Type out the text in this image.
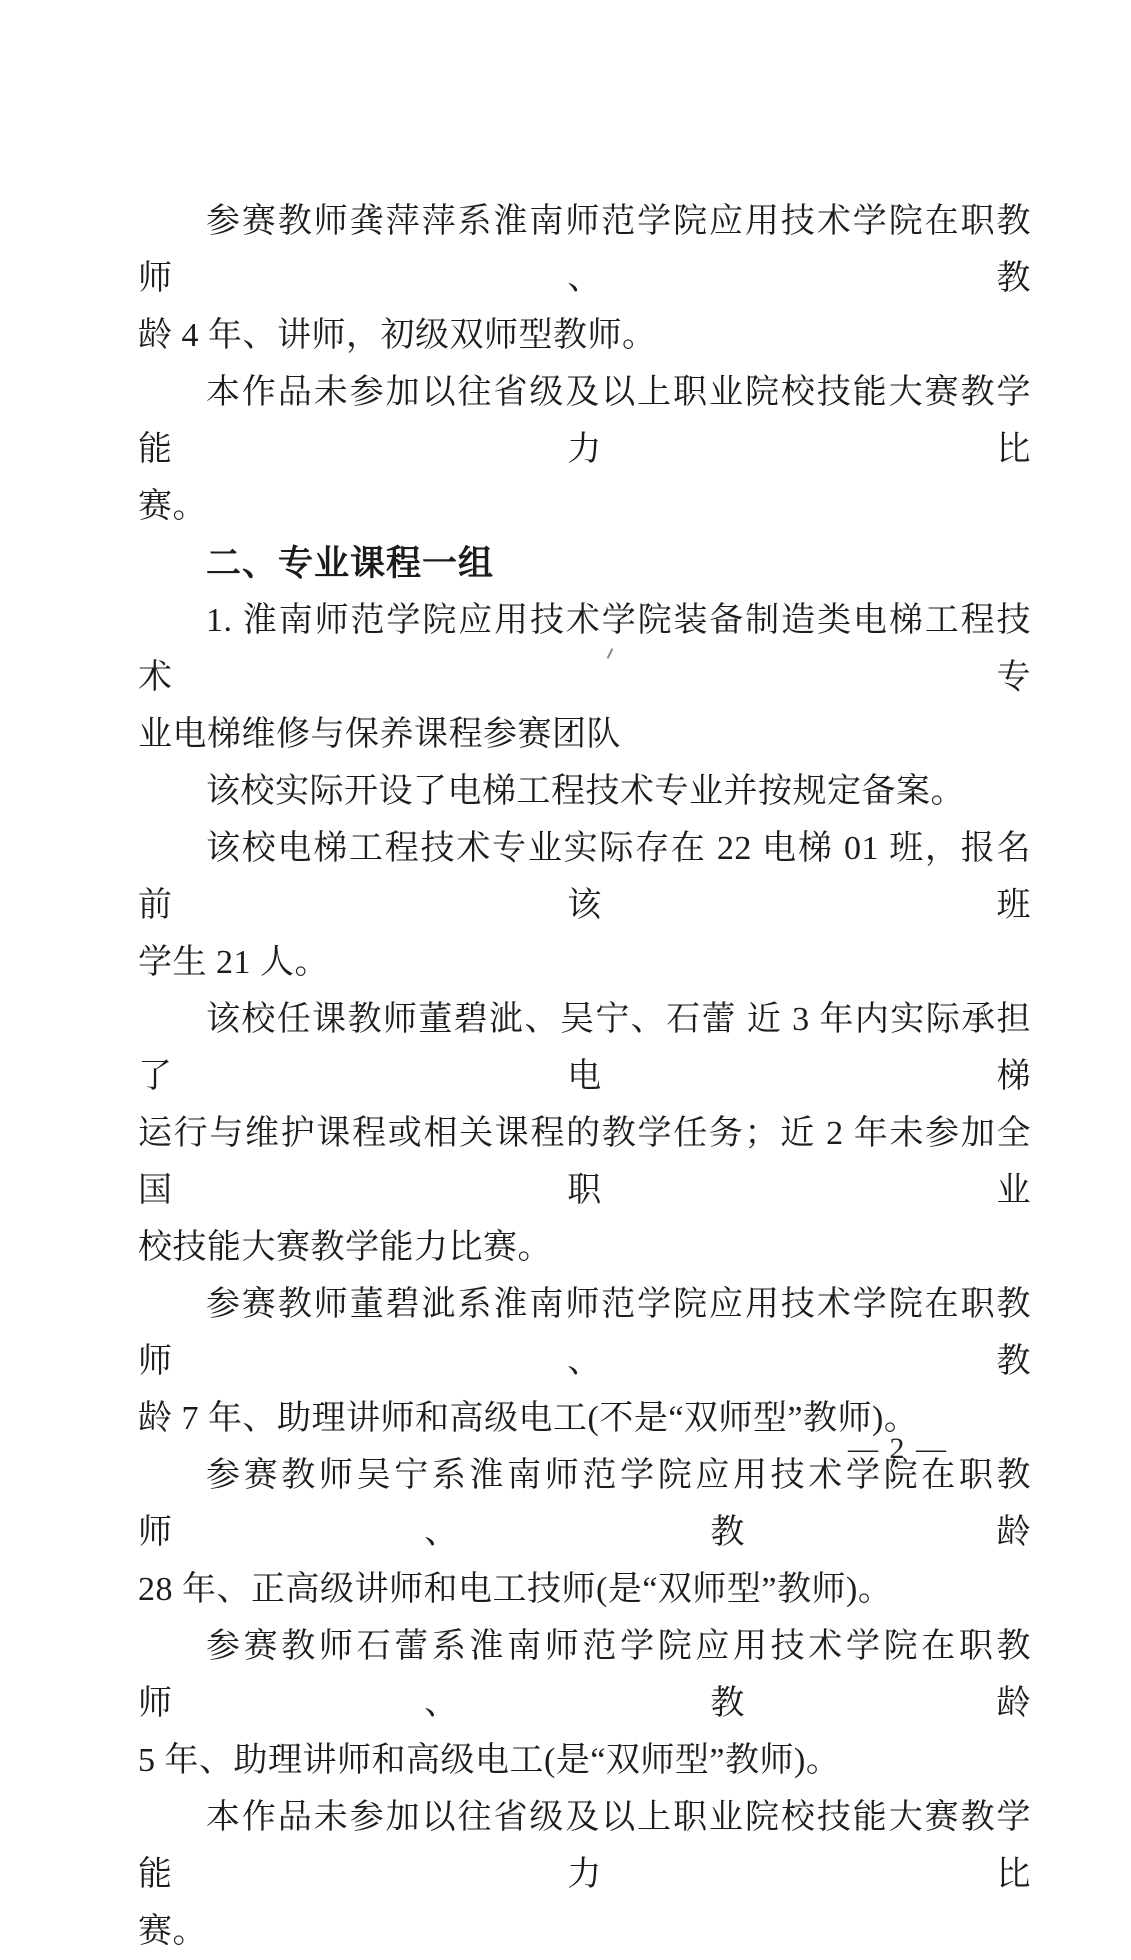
参赛教师龚萍萍系淮南师范学院应用技术学院在职教师、教
龄 4 年、讲师，初级双师型教师。
本作品未参加以往省级及以上职业院校技能大赛教学能力比
赛。
二、专业课程一组
1. 淮南师范学院应用技术学院装备制造类电梯工程技术专
业电梯维修与保养课程参赛团队
该校实际开设了电梯工程技术专业并按规定备案。
该校电梯工程技术专业实际存在 22 电梯 01 班，报名前该班
学生 21 人。
该校任课教师董碧泚、吴宁、石蕾 近 3 年内实际承担了电梯
运行与维护课程或相关课程的教学任务；近 2 年未参加全国职业
校技能大赛教学能力比赛。
参赛教师董碧泚系淮南师范学院应用技术学院在职教师、教
龄 7 年、助理讲师和高级电工(不是“双师型”教师)。
参赛教师吴宁系淮南师范学院应用技术学院在职教师、教龄
28 年、正高级讲师和电工技师(是“双师型”教师)。
参赛教师石蕾系淮南师范学院应用技术学院在职教师、教龄
5 年、助理讲师和高级电工(是“双师型”教师)。
本作品未参加以往省级及以上职业院校技能大赛教学能力比
赛。
— 2 —
